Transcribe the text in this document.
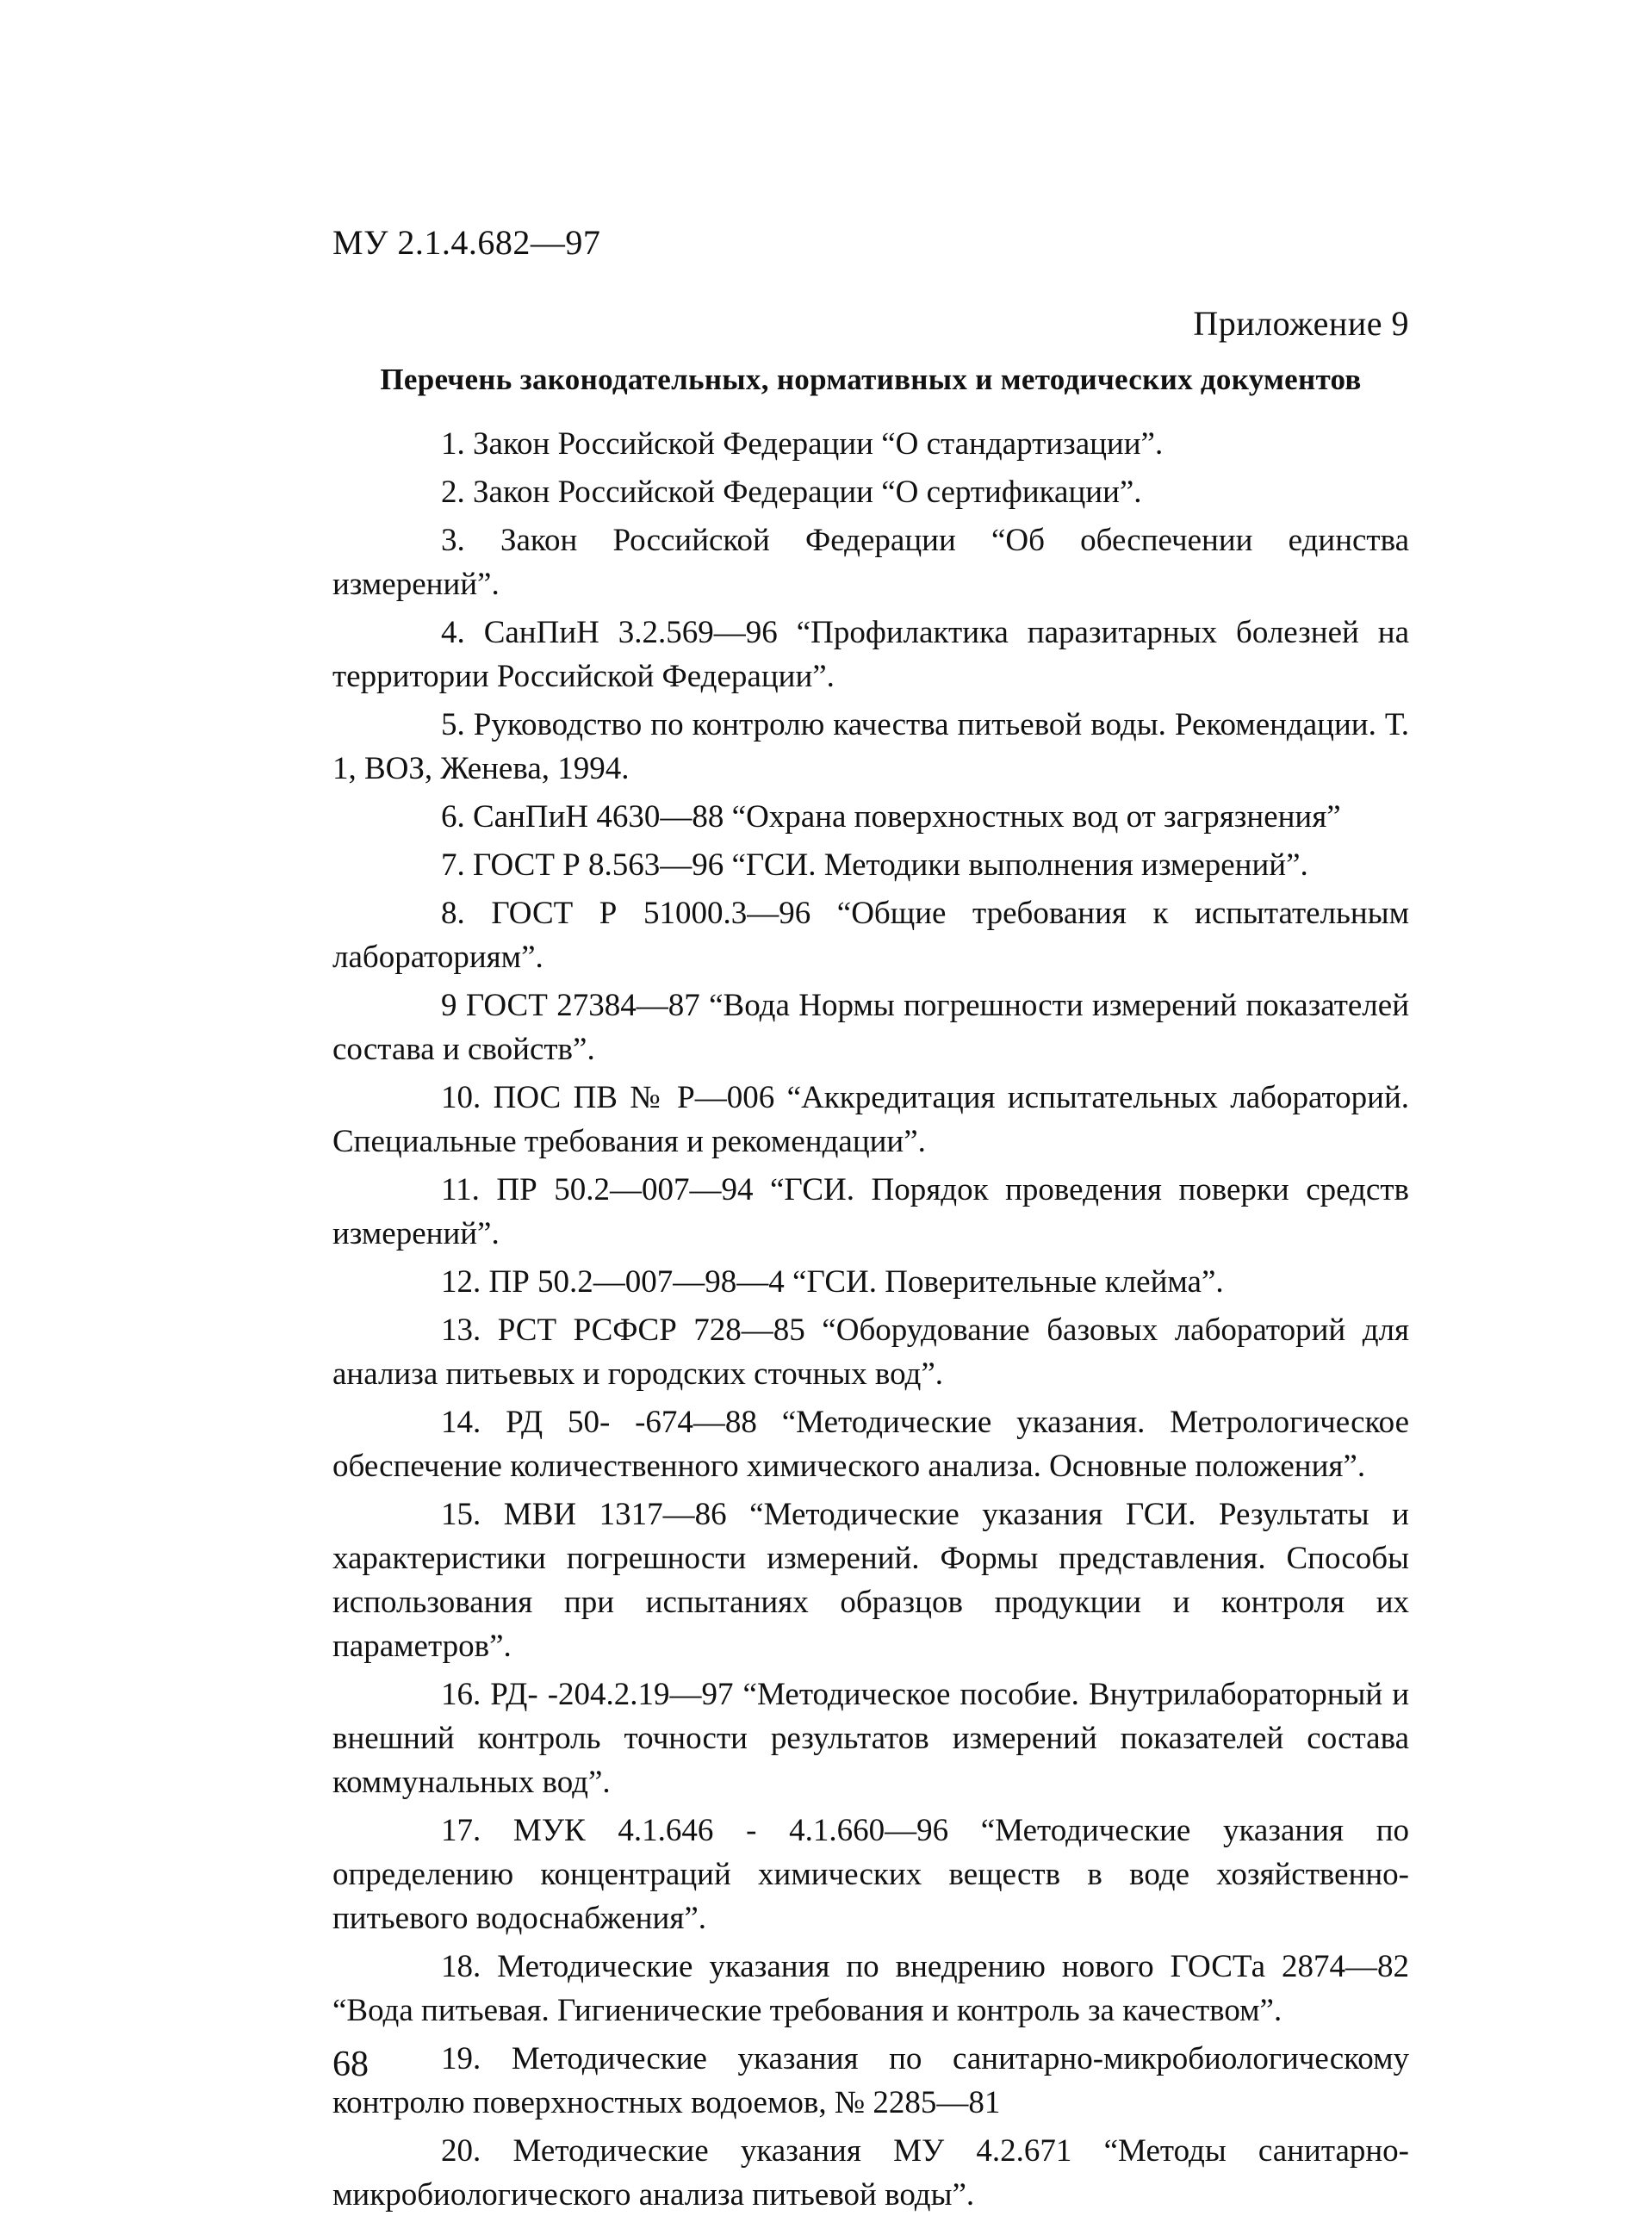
МУ 2.1.4.682—97
Приложение 9
Перечень законодательных, нормативных и методических документов
1. Закон Российской Федерации “О стандартизации”.
2. Закон Российской Федерации “О сертификации”.
3. Закон Российской Федерации “Об обеспечении единства измерений”.
4. СанПиН 3.2.569—96 “Профилактика паразитарных болезней на территории Российской Федерации”.
5. Руководство по контролю качества питьевой воды. Рекомендации. Т. 1, ВОЗ, Женева, 1994.
6. СанПиН 4630—88 “Охрана поверхностных вод от загрязнения”
7. ГОСТ Р 8.563—96 “ГСИ. Методики выполнения измерений”.
8. ГОСТ Р 51000.3—96 “Общие требования к испытательным лабораториям”.
9 ГОСТ 27384—87 “Вода Нормы погрешности измерений показателей состава и свойств”.
10. ПОС ПВ № Р—006 “Аккредитация испытательных лабораторий. Специальные требования и рекомендации”.
11. ПР 50.2—007—94 “ГСИ. Порядок проведения поверки средств измерений”.
12. ПР 50.2—007—98—4 “ГСИ. Поверительные клейма”.
13. РСТ РСФСР 728—85 “Оборудование базовых лабораторий для анализа питьевых и городских сточных вод”.
14. РД 50- -674—88 “Методические указания. Метрологическое обеспечение количественного химического анализа. Основные положения”.
15. МВИ 1317—86 “Методические указания ГСИ. Результаты и характеристики погрешности измерений. Формы представления. Способы использования при испытаниях образцов продукции и контроля их параметров”.
16. РД- -204.2.19—97 “Методическое пособие. Внутрилабораторный и внешний контроль точности результатов измерений показателей состава коммунальных вод”.
17. МУК 4.1.646 - 4.1.660—96 “Методические указания по определению концентраций химических веществ в воде хозяйственно-питьевого водоснабжения”.
18. Методические указания по внедрению нового ГОСТа 2874—82 “Вода питьевая. Гигиенические требования и контроль за качеством”.
19. Методические указания по санитарно-микробиологическому контролю поверхностных водоемов, № 2285—81
20. Методические указания МУ 4.2.671 “Методы санитарно-микробиологического анализа питьевой воды”.
68
